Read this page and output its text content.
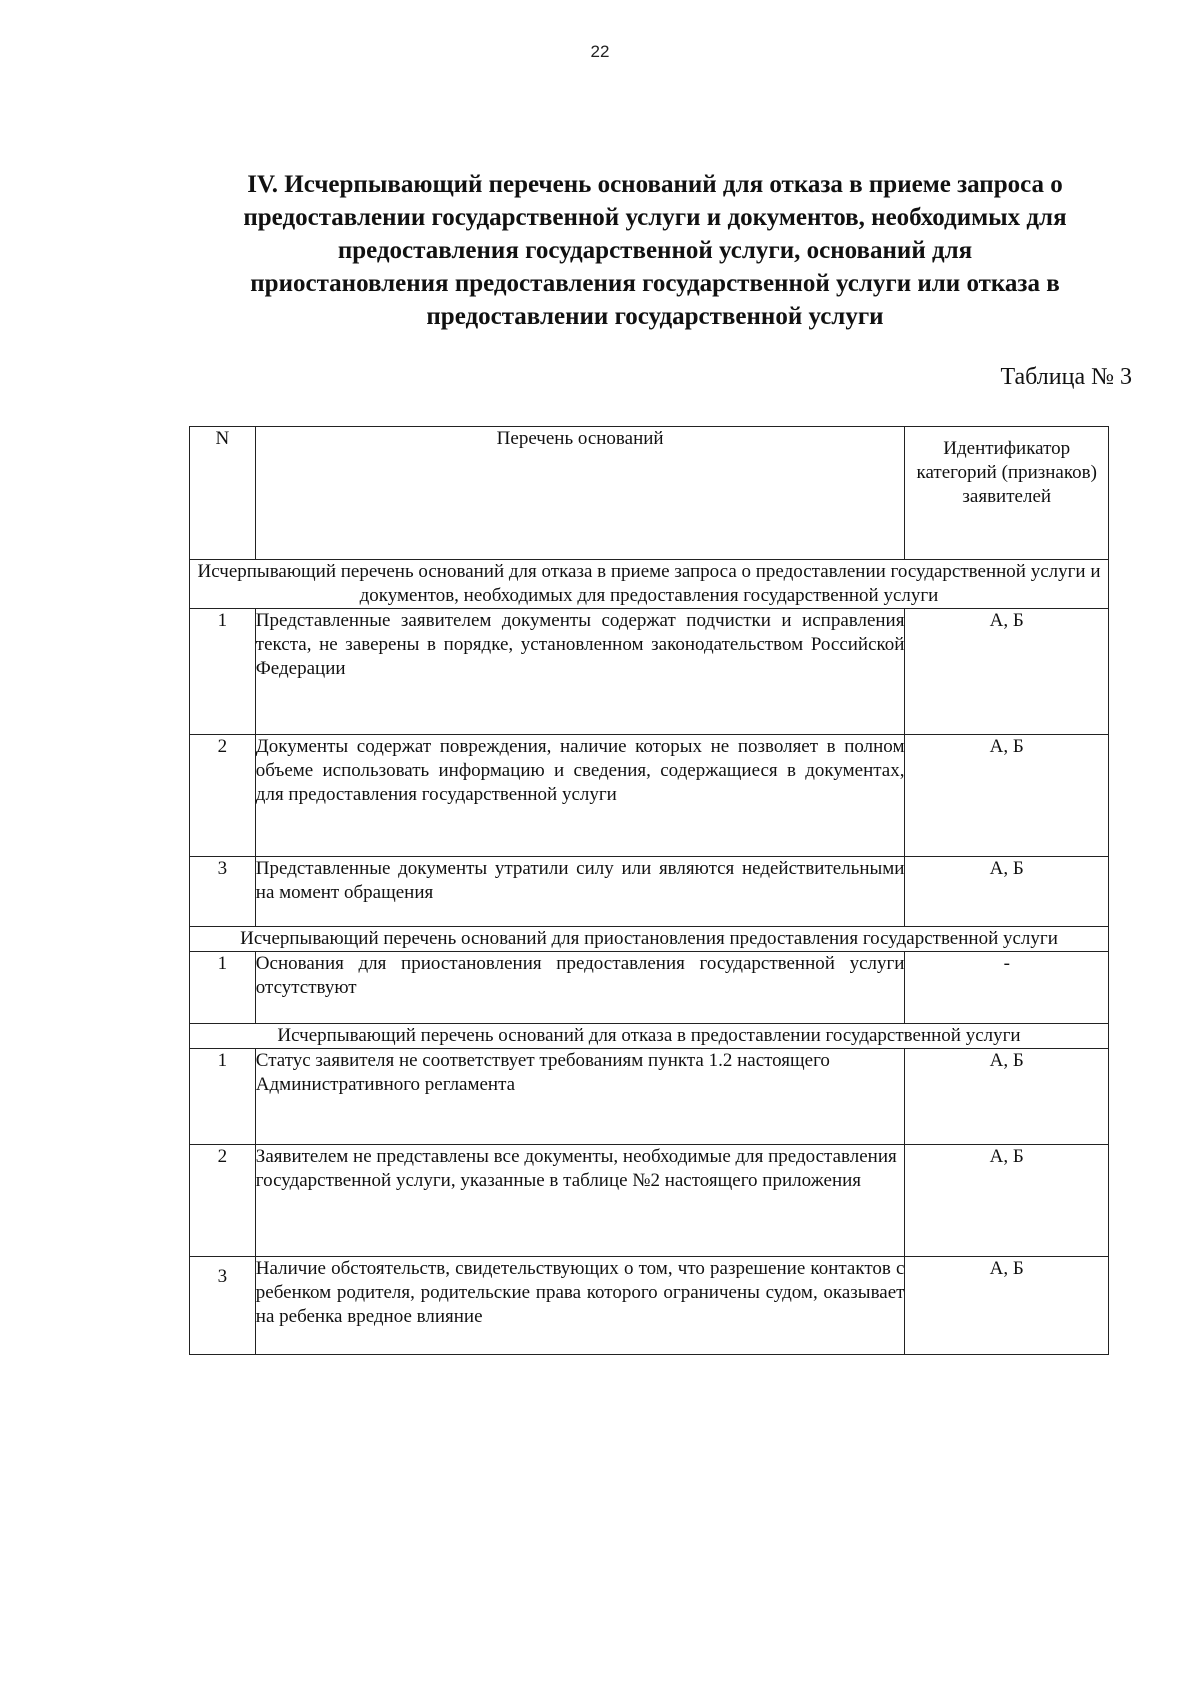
22
IV. Исчерпывающий перечень оснований для отказа в приеме запроса о
предоставлении государственной услуги и документов, необходимых для
предоставления государственной услуги, оснований для
приостановления предоставления государственной услуги или отказа в
предоставлении государственной услуги
Таблица № 3
N	Перечень оснований	Идентификатор категорий (признаков) заявителей
Исчерпывающий перечень оснований для отказа в приеме запроса о предоставлении государственной услуги и документов, необходимых для предоставления государственной услуги		
1	Представленные заявителем документы содержат подчистки и исправления текста, не заверены в порядке, установленном законодательством Российской Федерации	А, Б
2	Документы содержат повреждения, наличие которых не позволяет в полном объеме использовать информацию и сведения, содержащиеся в документах, для предоставления государственной услуги	А, Б
3	Представленные документы утратили силу или являются недействительными на момент обращения	А, Б
Исчерпывающий перечень оснований для приостановления предоставления государственной услуги		
1	Основания для приостановления предоставления государственной услуги отсутствуют	-
Исчерпывающий перечень оснований для отказа в предоставлении государственной услуги		
1	Статус заявителя не соответствует требованиям пункта 1.2 настоящего Административного регламента	А, Б
2	Заявителем не представлены все документы, необходимые для предоставления государственной услуги, указанные в таблице №2 настоящего приложения	А, Б
3	Наличие обстоятельств, свидетельствующих о том, что разрешение контактов с ребенком родителя, родительские права которого ограничены судом, оказывает на ребенка вредное влияние	А, Б
